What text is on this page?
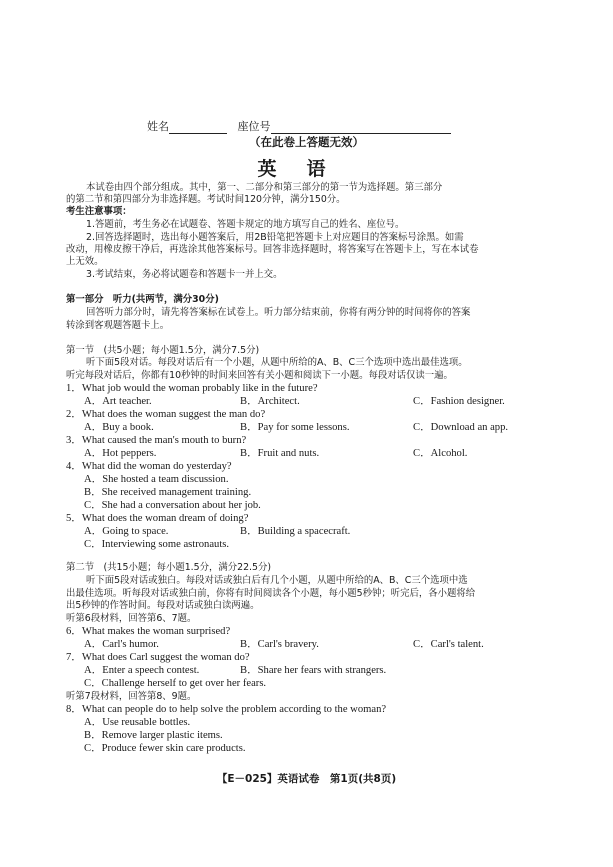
姓名	座位号
（在此卷上答题无效）
英语
本试卷由四个部分组成。其中，第一、二部分和第三部分的第一节为选择题。第三部分
的第二节和第四部分为非选择题。考试时间120分钟，满分150分。
考生注意事项：
1.答题前，考生务必在试题卷、答题卡规定的地方填写自己的姓名、座位号。
2.回答选择题时，选出每小题答案后，用2B铅笔把答题卡上对应题目的答案标号涂黑。如需
改动，用橡皮擦干净后，再选涂其他答案标号。回答非选择题时，将答案写在答题卡上，写在本试卷
上无效。
3.考试结束，务必将试题卷和答题卡一并上交。
第一部分　听力(共两节，满分30分)
回答听力部分时，请先将答案标在试卷上。听力部分结束前，你将有两分钟的时间将你的答案
转涂到客观题答题卡上。
第一节　(共5小题；每小题1.5分，满分7.5分)
听下面5段对话。每段对话后有一个小题，从题中所给的A、B、C三个选项中选出最佳选项。
听完每段对话后，你都有10秒钟的时间来回答有关小题和阅读下一小题。每段对话仅读一遍。
1．What job would the woman probably like in the future?
A．Art teacher.	B．Architect.	C．Fashion designer.
2．What does the woman suggest the man do?
A．Buy a book.	B．Pay for some lessons.	C．Download an app.
3．What caused the man's mouth to burn?
A．Hot peppers.	B．Fruit and nuts.	C．Alcohol.
4．What did the woman do yesterday?
A．She hosted a team discussion.
B．She received management training.
C．She had a conversation about her job.
5．What does the woman dream of doing?
A．Going to space.	B．Building a spacecraft.
C．Interviewing some astronauts.
第二节　(共15小题；每小题1.5分，满分22.5分)
听下面5段对话或独白。每段对话或独白后有几个小题，从题中所给的A、B、C三个选项中选
出最佳选项。听每段对话或独白前，你将有时间阅读各个小题，每小题5秒钟；听完后，各小题将给
出5秒钟的作答时间。每段对话或独白读两遍。
听第6段材料，回答第6、7题。
6．What makes the woman surprised?
A．Carl's humor.	B．Carl's bravery.	C．Carl's talent.
7．What does Carl suggest the woman do?
A．Enter a speech contest.	B．Share her fears with strangers.
C．Challenge herself to get over her fears.
听第7段材料，回答第8、9题。
8．What can people do to help solve the problem according to the woman?
A．Use reusable bottles.
B．Remove larger plastic items.
C．Produce fewer skin care products.
【E－025】英语试卷　第1页(共8页)
